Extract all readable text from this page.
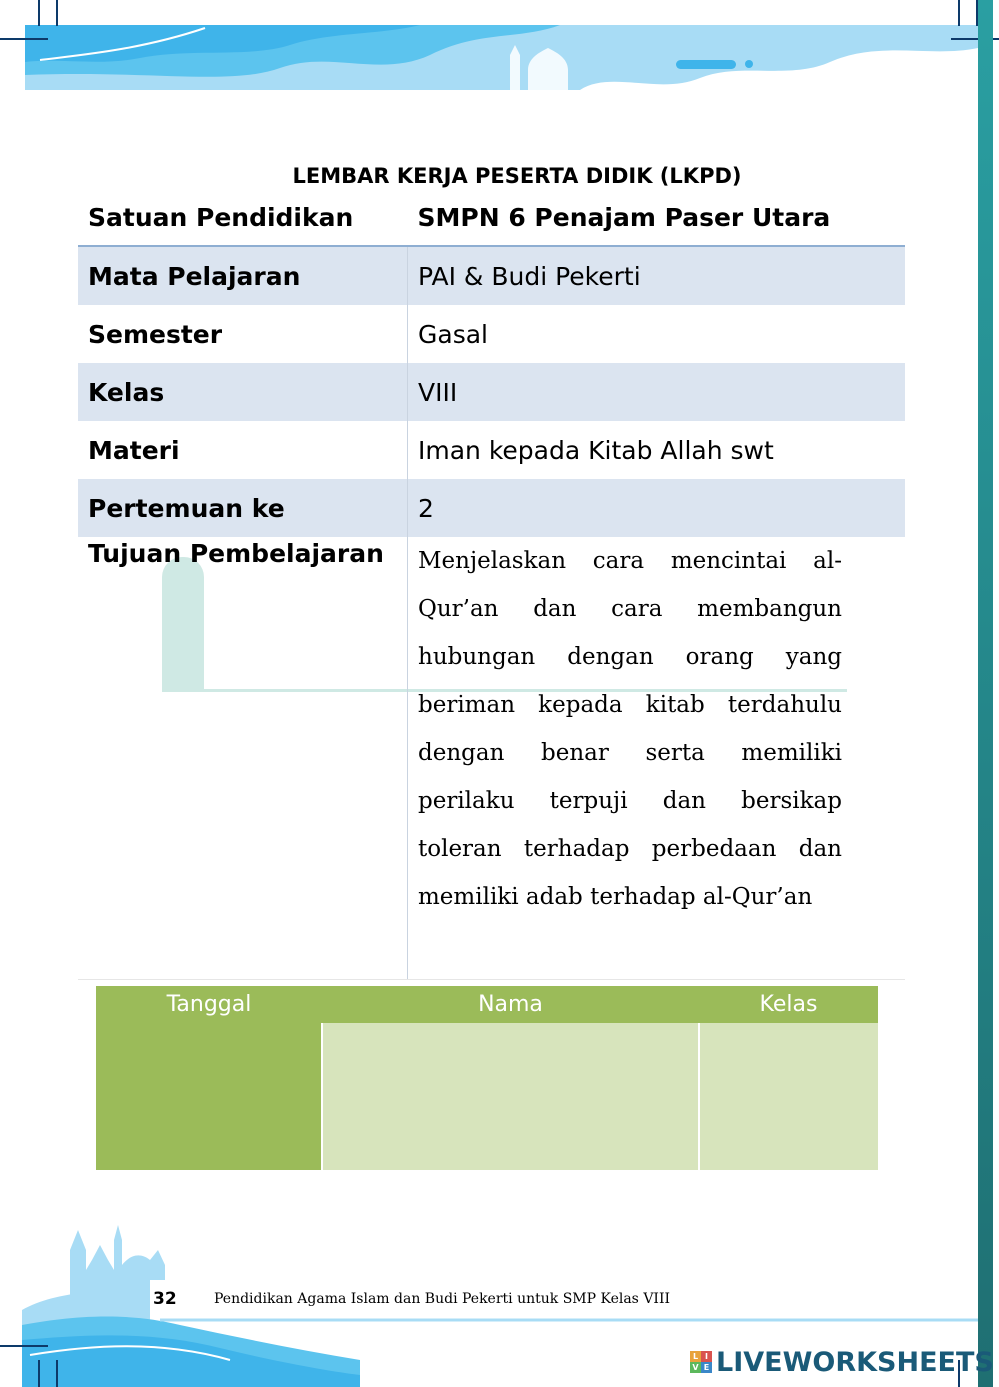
LEMBAR KERJA PESERTA DIDIK (LKPD)
Satuan Pendidikan	SMPN 6 Penajam Paser Utara
Mata Pelajaran	PAI & Budi Pekerti
Semester	Gasal
Kelas	VIII
Materi	Iman kepada Kitab Allah swt
Pertemuan ke	2
Tujuan Pembelajaran	Menjelaskan cara mencintai al-Qur’an dan cara membangun hubungan dengan orang yang beriman kepada kitab terdahulu dengan benar serta memiliki perilaku terpuji dan bersikap toleran terhadap perbedaan dan memiliki adab terhadap al-Qur’an
Tanggal	Nama	Kelas

32	Pendidikan Agama Islam dan Budi Pekerti untuk SMP Kelas VIII
L I
V E LIVEWORKSHEETS
